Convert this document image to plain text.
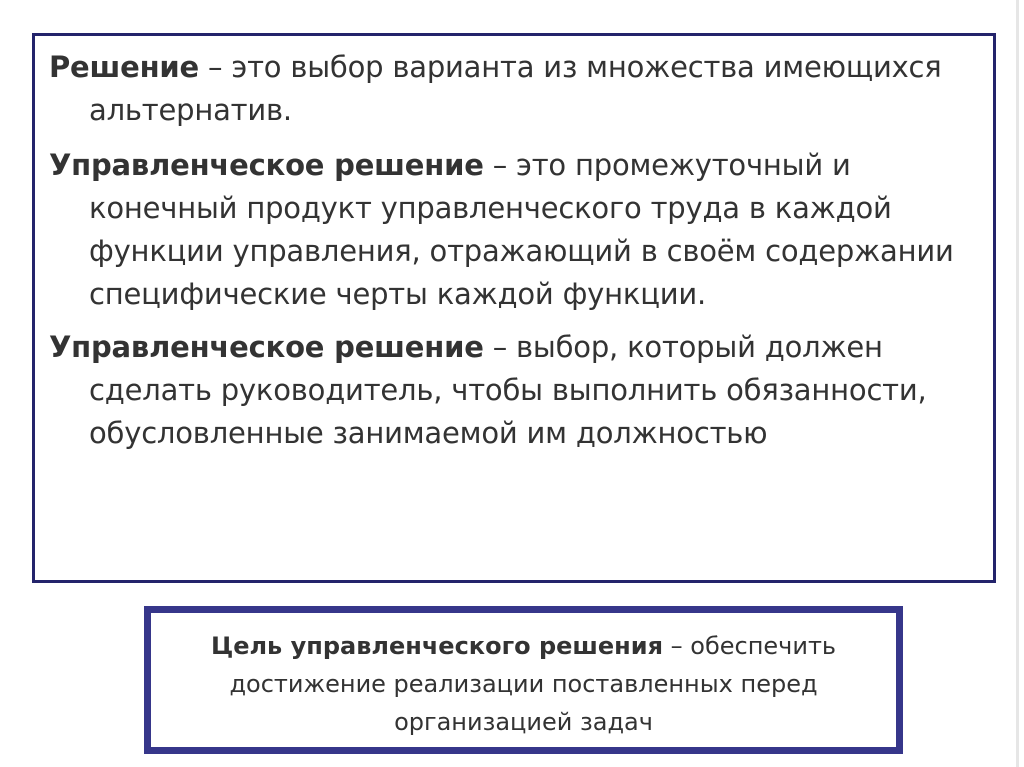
Решение – это выбор варианта из множества имеющихся альтернатив.

Управленческое решение – это промежуточный и конечный продукт управленческого труда в каждой функции управления, отражающий в своём содержании специфические черты каждой функции.

Управленческое решение – выбор, который должен сделать руководитель, чтобы выполнить обязанности, обусловленные занимаемой им должностью

Цель управленческого решения – обеспечить достижение реализации поставленных перед организацией задач
